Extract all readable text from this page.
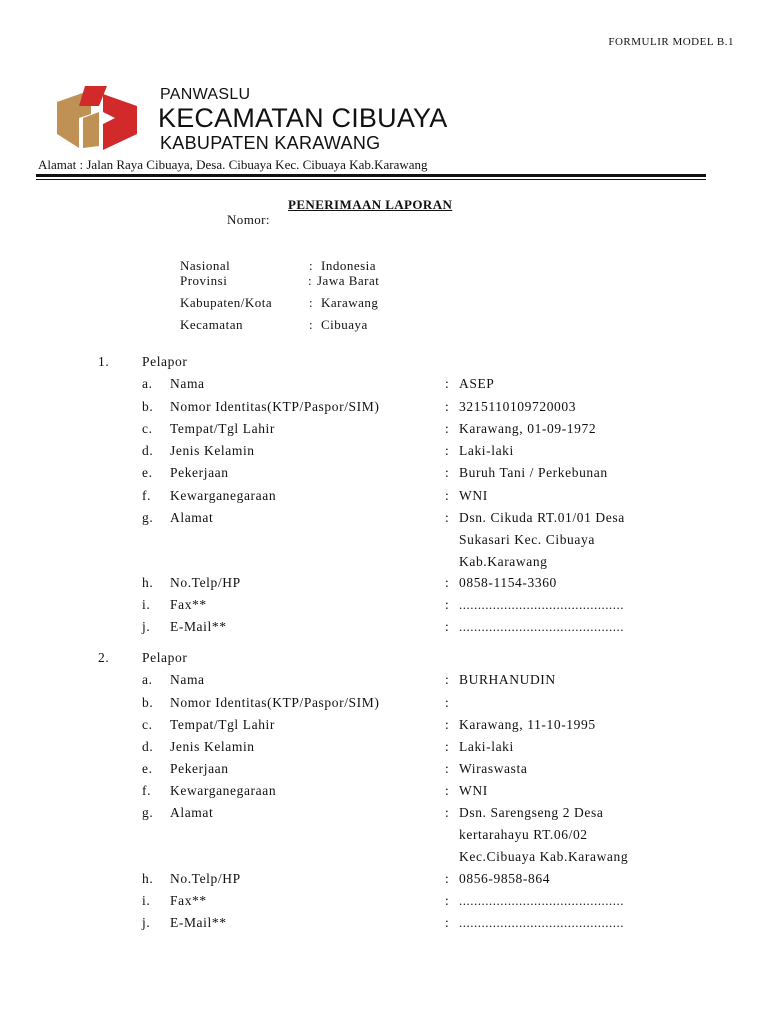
FORMULIR MODEL B.1
PANWASLU
KECAMATAN CIBUAYA
KABUPATEN KARAWANG
Alamat : Jalan Raya Cibuaya, Desa. Cibuaya Kec. Cibuaya Kab.Karawang
PENERIMAAN LAPORAN
Nomor:
Nasional	: Indonesia
Provinsi	: Jawa Barat
Kabupaten/Kota	: Karawang
Kecamatan	: Cibuaya
1. Pelapor
a. Nama	: ASEP
b. Nomor Identitas(KTP/Paspor/SIM)	: 3215110109720003
c. Tempat/Tgl Lahir	: Karawang, 01-09-1972
d. Jenis Kelamin	: Laki-laki
e. Pekerjaan	: Buruh Tani / Perkebunan
f. Kewarganegaraan	: WNI
g. Alamat	: Dsn. Cikuda RT.01/01 Desa
Sukasari Kec. Cibuaya
Kab.Karawang
h. No.Telp/HP	: 0858-1154-3360
i. Fax**	: ............................................
j. E-Mail**	: ............................................
2. Pelapor
a. Nama	: BURHANUDIN
b. Nomor Identitas(KTP/Paspor/SIM)	:
c. Tempat/Tgl Lahir	: Karawang, 11-10-1995
d. Jenis Kelamin	: Laki-laki
e. Pekerjaan	: Wiraswasta
f. Kewarganegaraan	: WNI
g. Alamat	: Dsn. Sarengseng 2 Desa
kertarahayu RT.06/02
Kec.Cibuaya Kab.Karawang
h. No.Telp/HP	: 0856-9858-864
i. Fax**	: ............................................
j. E-Mail**	: ............................................
